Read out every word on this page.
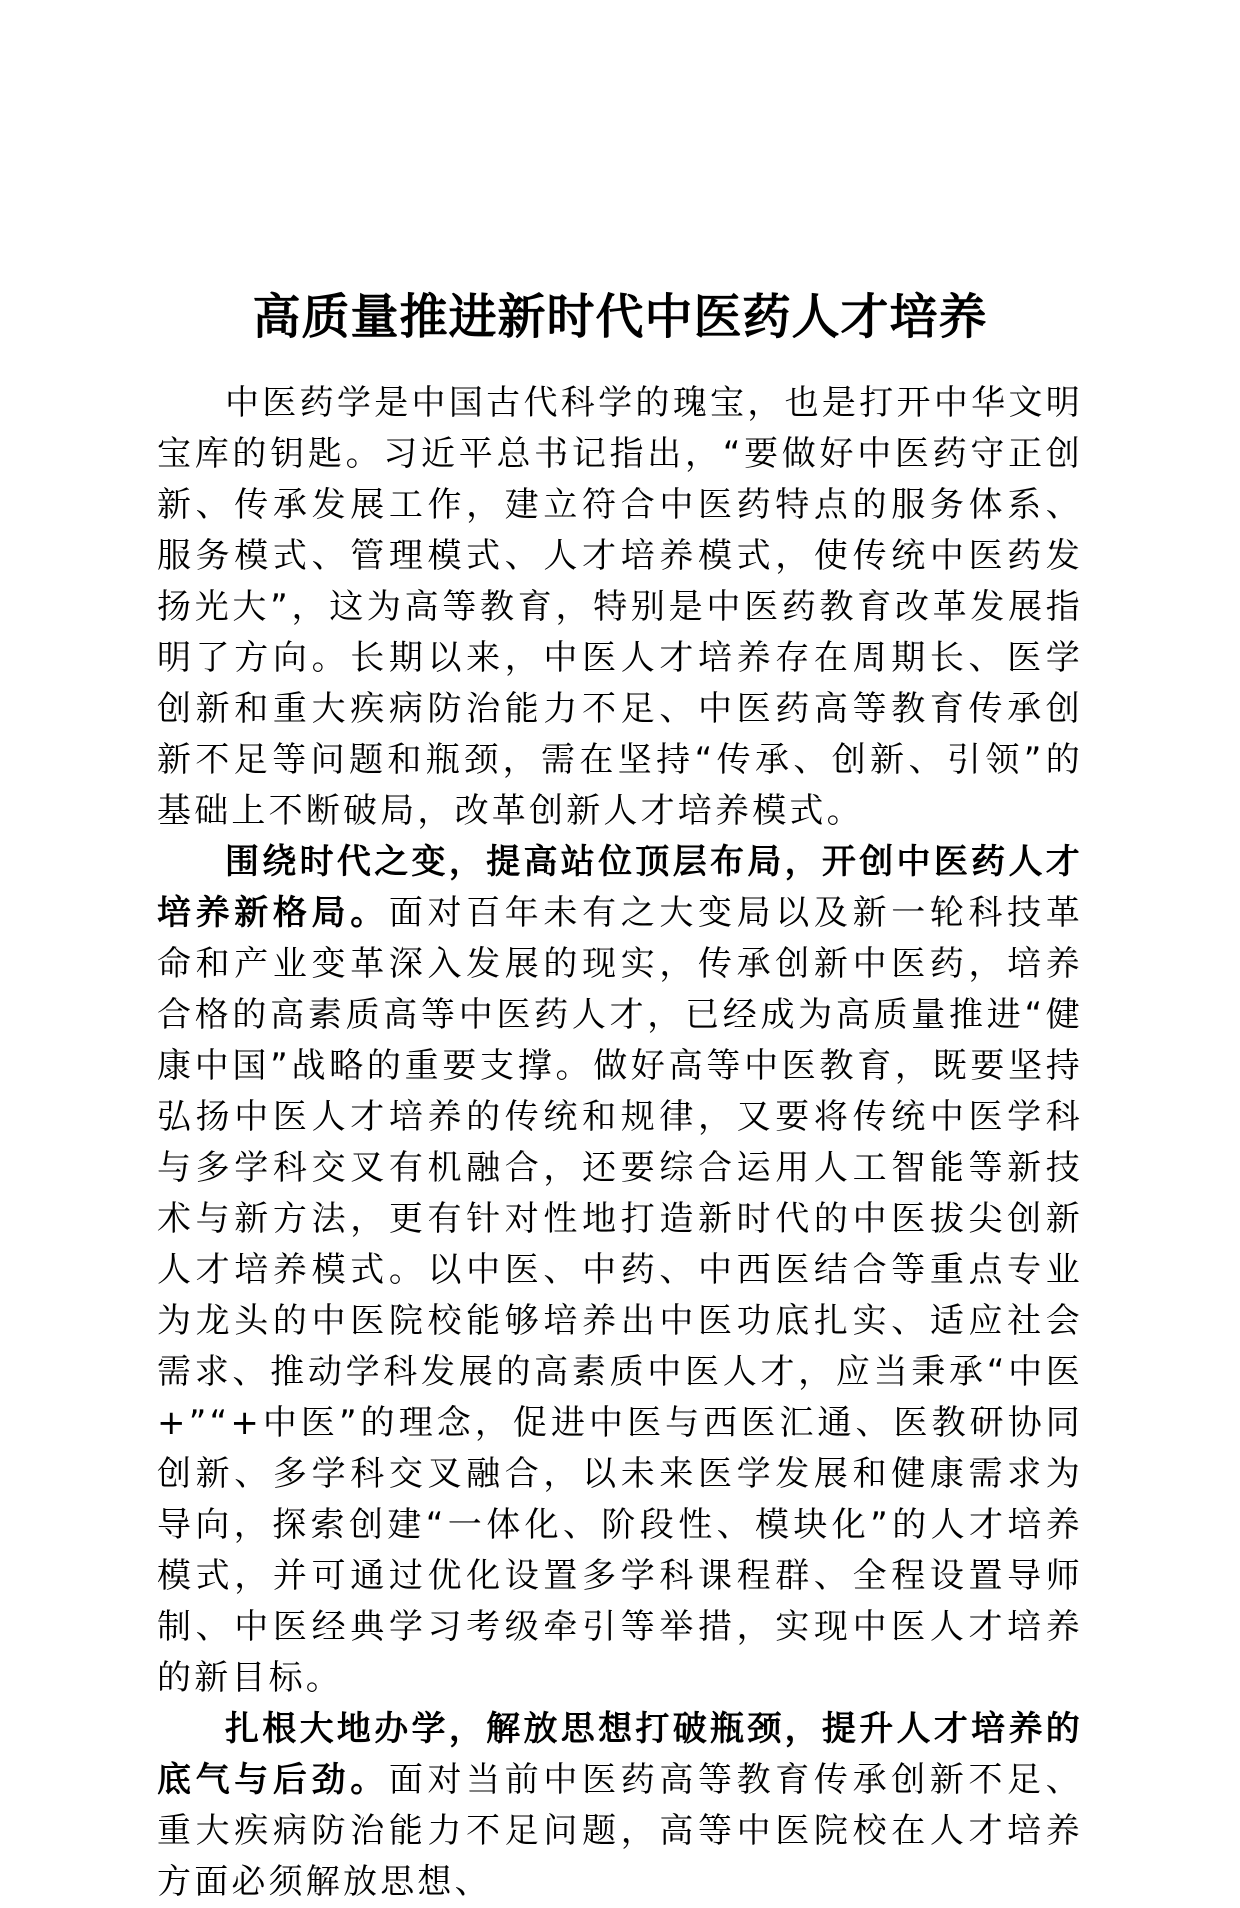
高质量推进新时代中医药人才培养

中医药学是中国古代科学的瑰宝，也是打开中华文明宝库的钥匙。习近平总书记指出，“要做好中医药守正创新、传承发展工作，建立符合中医药特点的服务体系、服务模式、管理模式、人才培养模式，使传统中医药发扬光大”，这为高等教育，特别是中医药教育改革发展指明了方向。长期以来，中医人才培养存在周期长、医学创新和重大疾病防治能力不足、中医药高等教育传承创新不足等问题和瓶颈，需在坚持“传承、创新、引领”的基础上不断破局，改革创新人才培养模式。

围绕时代之变，提高站位顶层布局，开创中医药人才培养新格局。面对百年未有之大变局以及新一轮科技革命和产业变革深入发展的现实，传承创新中医药，培养合格的高素质高等中医药人才，已经成为高质量推进“健康中国”战略的重要支撑。做好高等中医教育，既要坚持弘扬中医人才培养的传统和规律，又要将传统中医学科与多学科交叉有机融合，还要综合运用人工智能等新技术与新方法，更有针对性地打造新时代的中医拔尖创新人才培养模式。以中医、中药、中西医结合等重点专业为龙头的中医院校能够培养出中医功底扎实、适应社会需求、推动学科发展的高素质中医人才，应当秉承“中医+”“+中医”的理念，促进中医与西医汇通、医教研协同创新、多学科交叉融合，以未来医学发展和健康需求为导向，探索创建“一体化、阶段性、模块化”的人才培养模式，并可通过优化设置多学科课程群、全程设置导师制、中医经典学习考级牵引等举措，实现中医人才培养的新目标。

扎根大地办学，解放思想打破瓶颈，提升人才培养的底气与后劲。面对当前中医药高等教育传承创新不足、重大疾病防治能力不足问题，高等中医院校在人才培养方面必须解放思想、
